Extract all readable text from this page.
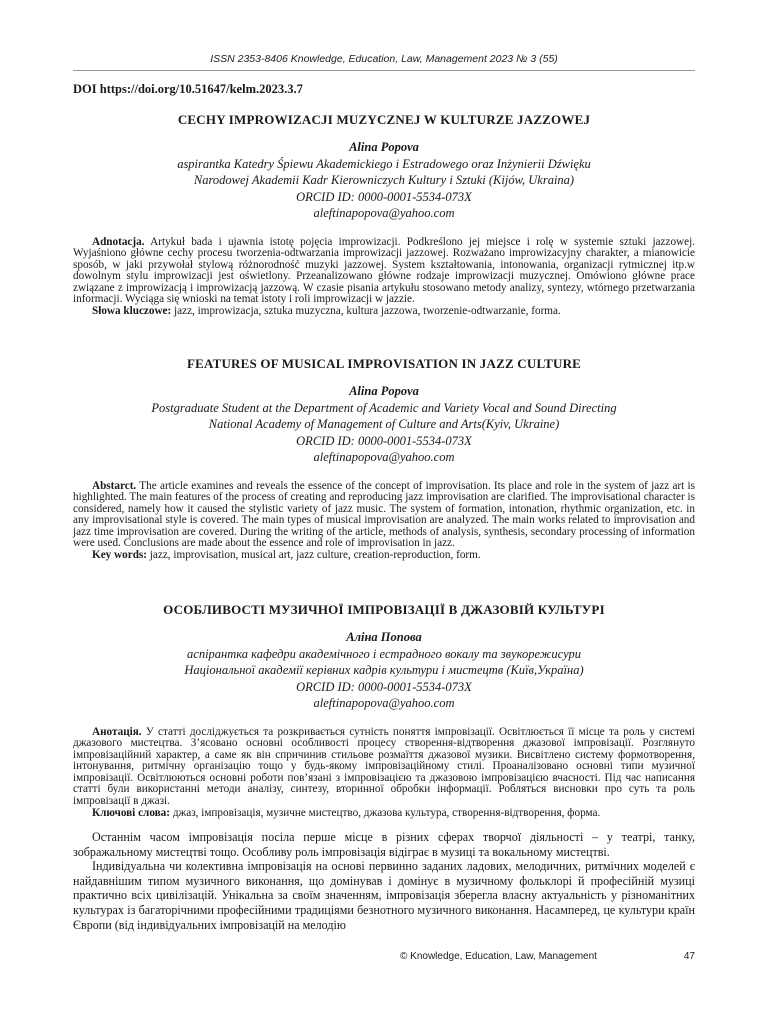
ISSN 2353-8406 Knowledge, Education, Law, Management 2023 № 3 (55)
DOI https://doi.org/10.51647/kelm.2023.3.7
CECHY IMPROWIZACJI MUZYCZNEJ W KULTURZE JAZZOWEJ
Alina Popova
aspirantka Katedry Śpiewu Akademickiego i Estradowego oraz Inżynierii Dźwięku
Narodowej Akademii Kadr Kierowniczych Kultury i Sztuki (Kijów, Ukraina)
ORCID ID: 0000-0001-5534-073X
aleftinapopova@yahoo.com
Adnotacja. Artykuł bada i ujawnia istotę pojęcia improwizacji. Podkreślono jej miejsce i rolę w systemie sztuki jazzowej. Wyjaśniono główne cechy procesu tworzenia-odtwarzania improwizacji jazzowej. Rozważano improwizacyjny charakter, a mianowicie sposób, w jaki przywołał stylową różnorodność muzyki jazzowej. System kształtowania, intonowania, organizacji rytmicznej itp.w dowolnym stylu improwizacji jest oświetlony. Przeanalizowano główne rodzaje improwizacji muzycznej. Omówiono główne prace związane z improwizacją i improwizacją jazzową. W czasie pisania artykułu stosowano metody analizy, syntezy, wtórnego przetwarzania informacji. Wyciąga się wnioski na temat istoty i roli improwizacji w jazzie.
Słowa kluczowe: jazz, improwizacja, sztuka muzyczna, kultura jazzowa, tworzenie-odtwarzanie, forma.
FEATURES OF MUSICAL IMPROVISATION IN JAZZ CULTURE
Alina Popova
Postgraduate Student at the Department of Academic and Variety Vocal and Sound Directing
National Academy of Management of Culture and Arts(Kyiv, Ukraine)
ORCID ID: 0000-0001-5534-073X
aleftinapopova@yahoo.com
Abstarct. The article examines and reveals the essence of the concept of improvisation. Its place and role in the system of jazz art is highlighted. The main features of the process of creating and reproducing jazz improvisation are clarified. The improvisational character is considered, namely how it caused the stylistic variety of jazz music. The system of formation, intonation, rhythmic organization, etc. in any improvisational style is covered. The main types of musical improvisation are analyzed. The main works related to improvisation and jazz time improvisation are covered. During the writing of the article, methods of analysis, synthesis, secondary processing of information were used. Conclusions are made about the essence and role of improvisation in jazz.
Key words: jazz, improvisation, musical art, jazz culture, creation-reproduction, form.
ОСОБЛИВОСТІ МУЗИЧНОЇ ІМПРОВІЗАЦІЇ В ДЖАЗОВІЙ КУЛЬТУРІ
Аліна Попова
аспірантка кафедри академічного і естрадного вокалу та звукорежисури
Національної академії керівних кадрів культури і мистецтв (Київ,Україна)
ORCID ID: 0000-0001-5534-073X
aleftinapopova@yahoo.com
Анотація. У статті досліджується та розкривається сутність поняття імпровізації. Освітлюється її місце та роль у системі джазового мистецтва. З’ясовано основні особливості процесу створення-відтворення джазової імпровізації. Розглянуто імпровізаційний характер, а саме як він спричинив стильове розмаїття джазової музики. Висвітлено систему формотворення, інтонування, ритмічну організацію тощо у будь-якому імпровізаційному стилі. Проаналізовано основні типи музичної імпровізації. Освітлюються основні роботи пов’язані з імпровізацією та джазовою імпровізацією вчасності. Під час написання статті були використанні методи аналізу, синтезу, вторинної обробки інформації. Робляться висновки про суть та роль імпровізації в джазі.
Ключові слова: джаз, імпровізація, музичне мистецтво, джазова культура, створення-відтворення, форма.

Останнім часом імпровізація посіла перше місце в різних сферах творчої діяльності – у театрі, танку, зображальному мистецтві тощо. Особливу роль імпровізація відіграє в музиці та вокальному мистецтві.

Індивідуальна чи колективна імпровізація на основі первинно заданих ладових, мелодичних, ритмічних моделей є найдавнішим типом музичного виконання, що домінував і домінує в музичному фольклорі й професійній музиці практично всіх цивілізацій. Унікальна за своїм значенням, імпровізація зберегла власну актуальність у різноманітних культурах із багаторічними професійними традиціями безнотного музичного виконання. Насамперед, це культури країн Європи (від індивідуальних імпровізацій на мелодію

© Knowledge, Education, Law, Management	47
